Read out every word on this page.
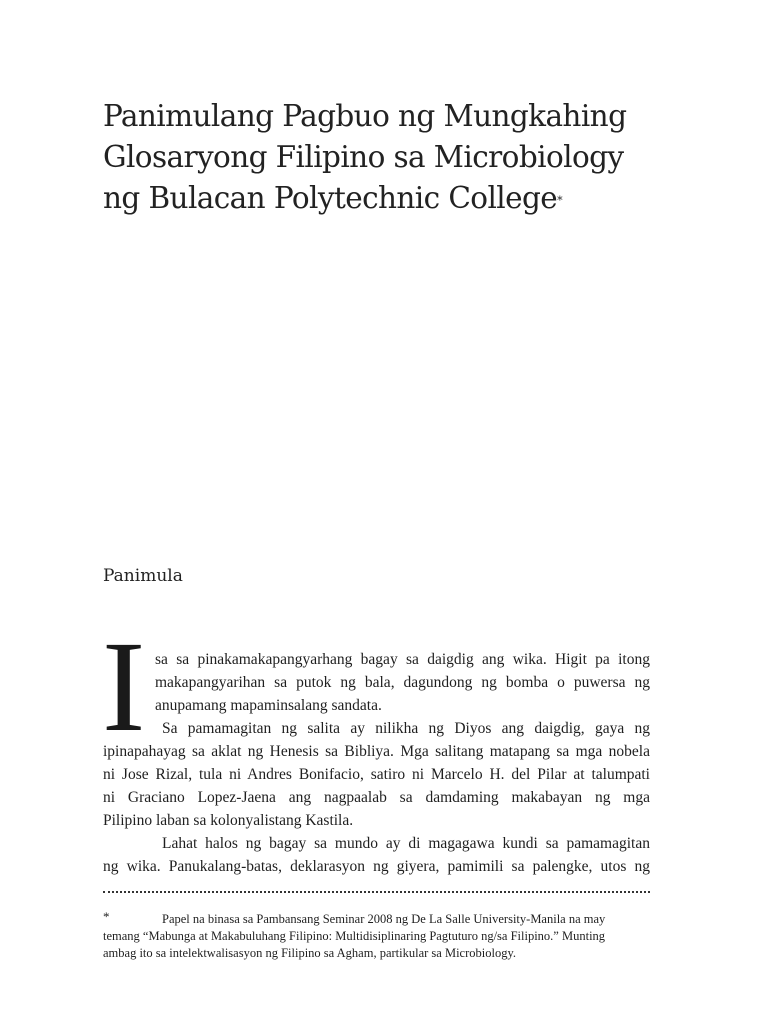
Panimulang Pagbuo ng Mungkahing
Glosaryong Filipino sa Microbiology
ng Bulacan Polytechnic College*
Panimula
I sa sa pinakamakapangyarhang bagay sa daigdig ang wika. Higit pa itong
makapangyarihan sa putok ng bala, dagundong ng bomba o puwersa ng
anupamang mapaminsalang sandata.
Sa pamamagitan ng salita ay nilikha ng Diyos ang daigdig, gaya ng
ipinapahayag sa aklat ng Henesis sa Bibliya. Mga salitang matapang sa mga nobela
ni Jose Rizal, tula ni Andres Bonifacio, satiro ni Marcelo H. del Pilar at talumpati
ni Graciano Lopez-Jaena ang nagpaalab sa damdaming makabayan ng mga
Pilipino laban sa kolonyalistang Kastila.
Lahat halos ng bagay sa mundo ay di magagawa kundi sa pamamagitan
ng wika. Panukalang-batas, deklarasyon ng giyera, pamimili sa palengke, utos ng
*	Papel na binasa sa Pambansang Seminar 2008 ng De La Salle University-Manila na may
temang “Mabunga at Makabuluhang Filipino: Multidisiplinaring Pagtuturo ng/sa Filipino.” Munting
ambag ito sa intelektwalisasyon ng Filipino sa Agham, partikular sa Microbiology.
